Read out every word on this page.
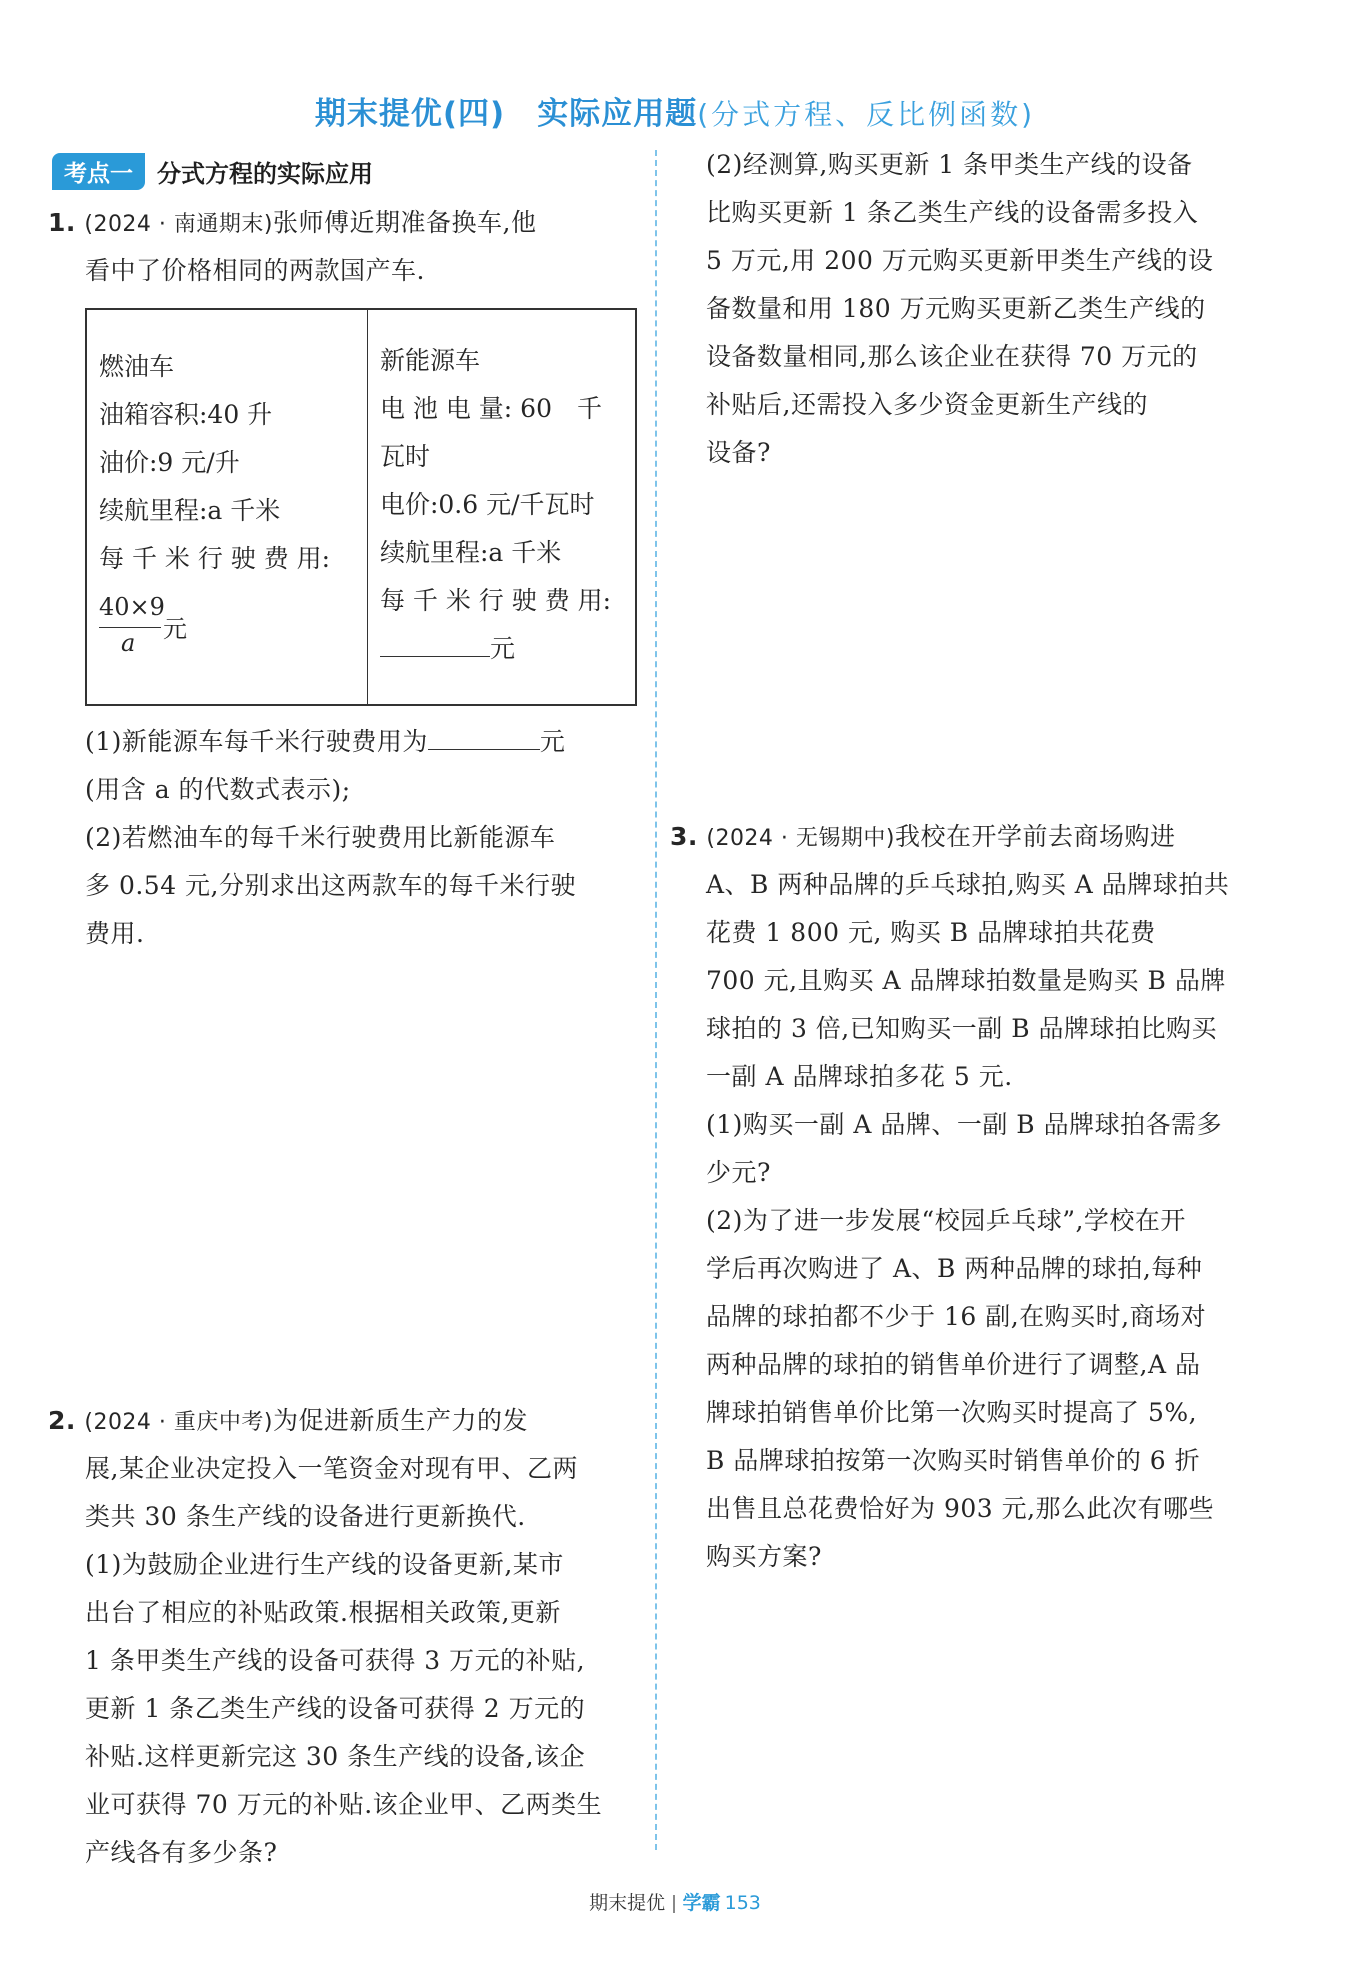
期末提优(四)　实际应用题(分式方程、反比例函数)
考点一	分式方程的实际应用
1. (2024 · 南通期末)张师傅近期准备换车,他
看中了价格相同的两款国产车.
燃油车
油箱容积:40 升
油价:9 元/升
续航里程:a 千米
每 千 米 行 驶 费 用:
40×9
a 元
新能源车
电 池 电 量: 60　千
瓦时
电价:0.6 元/千瓦时
续航里程:a 千米
每 千 米 行 驶 费 用:
元
(1)新能源车每千米行驶费用为	元
(用含 a 的代数式表示);
(2)若燃油车的每千米行驶费用比新能源车
多 0.54 元,分别求出这两款车的每千米行驶
费用.
2. (2024 · 重庆中考)为促进新质生产力的发
展,某企业决定投入一笔资金对现有甲、乙两
类共 30 条生产线的设备进行更新换代.
(1)为鼓励企业进行生产线的设备更新,某市
出台了相应的补贴政策.根据相关政策,更新
1 条甲类生产线的设备可获得 3 万元的补贴,
更新 1 条乙类生产线的设备可获得 2 万元的
补贴.这样更新完这 30 条生产线的设备,该企
业可获得 70 万元的补贴.该企业甲、乙两类生
产线各有多少条?
(2)经测算,购买更新 1 条甲类生产线的设备
比购买更新 1 条乙类生产线的设备需多投入
5 万元,用 200 万元购买更新甲类生产线的设
备数量和用 180 万元购买更新乙类生产线的
设备数量相同,那么该企业在获得 70 万元的
补贴后,还需投入多少资金更新生产线的
设备?
3. (2024 · 无锡期中)我校在开学前去商场购进
A、B 两种品牌的乒乓球拍,购买 A 品牌球拍共
花费 1 800 元, 购买 B 品牌球拍共花费
700 元,且购买 A 品牌球拍数量是购买 B 品牌
球拍的 3 倍,已知购买一副 B 品牌球拍比购买
一副 A 品牌球拍多花 5 元.
(1)购买一副 A 品牌、一副 B 品牌球拍各需多
少元?
(2)为了进一步发展“校园乒乓球”,学校在开
学后再次购进了 A、B 两种品牌的球拍,每种
品牌的球拍都不少于 16 副,在购买时,商场对
两种品牌的球拍的销售单价进行了调整,A 品
牌球拍销售单价比第一次购买时提高了 5%,
B 品牌球拍按第一次购买时销售单价的 6 折
出售且总花费恰好为 903 元,那么此次有哪些
购买方案?
期末提优 学霸 153
